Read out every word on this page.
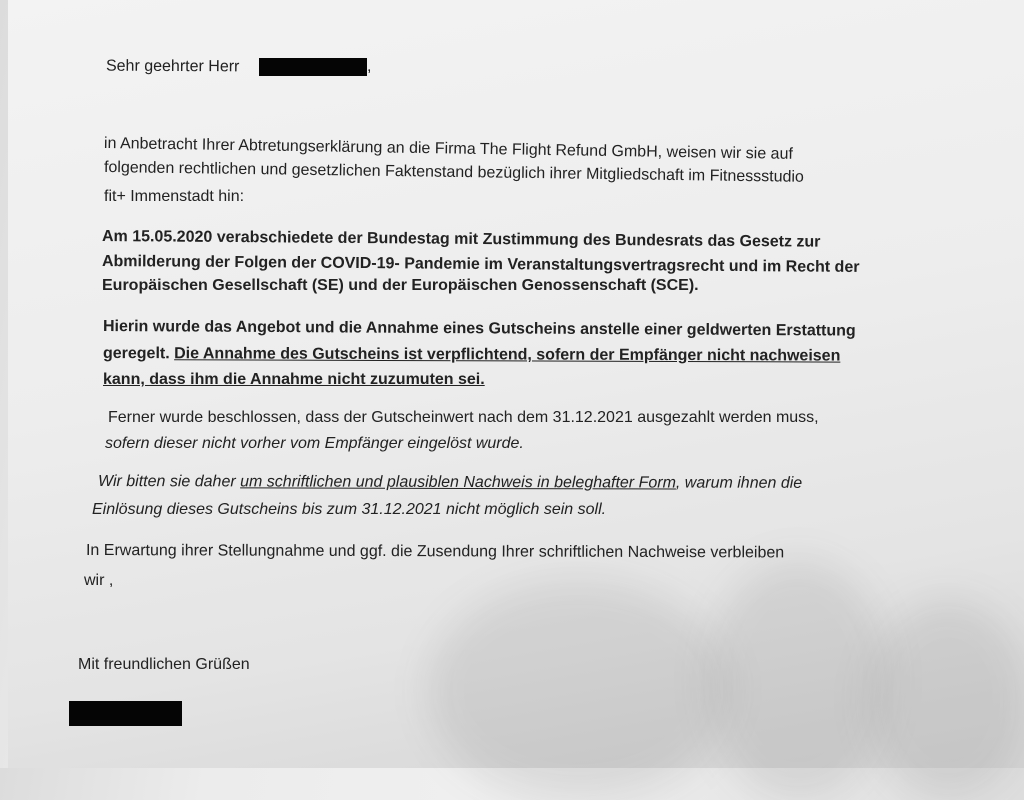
Sehr geehrter Herr	,
in Anbetracht Ihrer Abtretungserklärung an die Firma The Flight Refund GmbH, weisen wir sie auf
folgenden rechtlichen und gesetzlichen Faktenstand bezüglich ihrer Mitgliedschaft im Fitnessstudio
fit+ Immenstadt hin:
Am 15.05.2020 verabschiedete der Bundestag mit Zustimmung des Bundesrats das Gesetz zur
Abmilderung der Folgen der COVID-19- Pandemie im Veranstaltungsvertragsrecht und im Recht der
Europäischen Gesellschaft (SE) und der Europäischen Genossenschaft (SCE).
Hierin wurde das Angebot und die Annahme eines Gutscheins anstelle einer geldwerten Erstattung
geregelt. Die Annahme des Gutscheins ist verpflichtend, sofern der Empfänger nicht nachweisen
kann, dass ihm die Annahme nicht zuzumuten sei.
Ferner wurde beschlossen, dass der Gutscheinwert nach dem 31.12.2021 ausgezahlt werden muss,
sofern dieser nicht vorher vom Empfänger eingelöst wurde.
Wir bitten sie daher um schriftlichen und plausiblen Nachweis in beleghafter Form, warum ihnen die
Einlösung dieses Gutscheins bis zum 31.12.2021 nicht möglich sein soll.
In Erwartung ihrer Stellungnahme und ggf. die Zusendung Ihrer schriftlichen Nachweise verbleiben
wir ,
Mit freundlichen Grüßen
